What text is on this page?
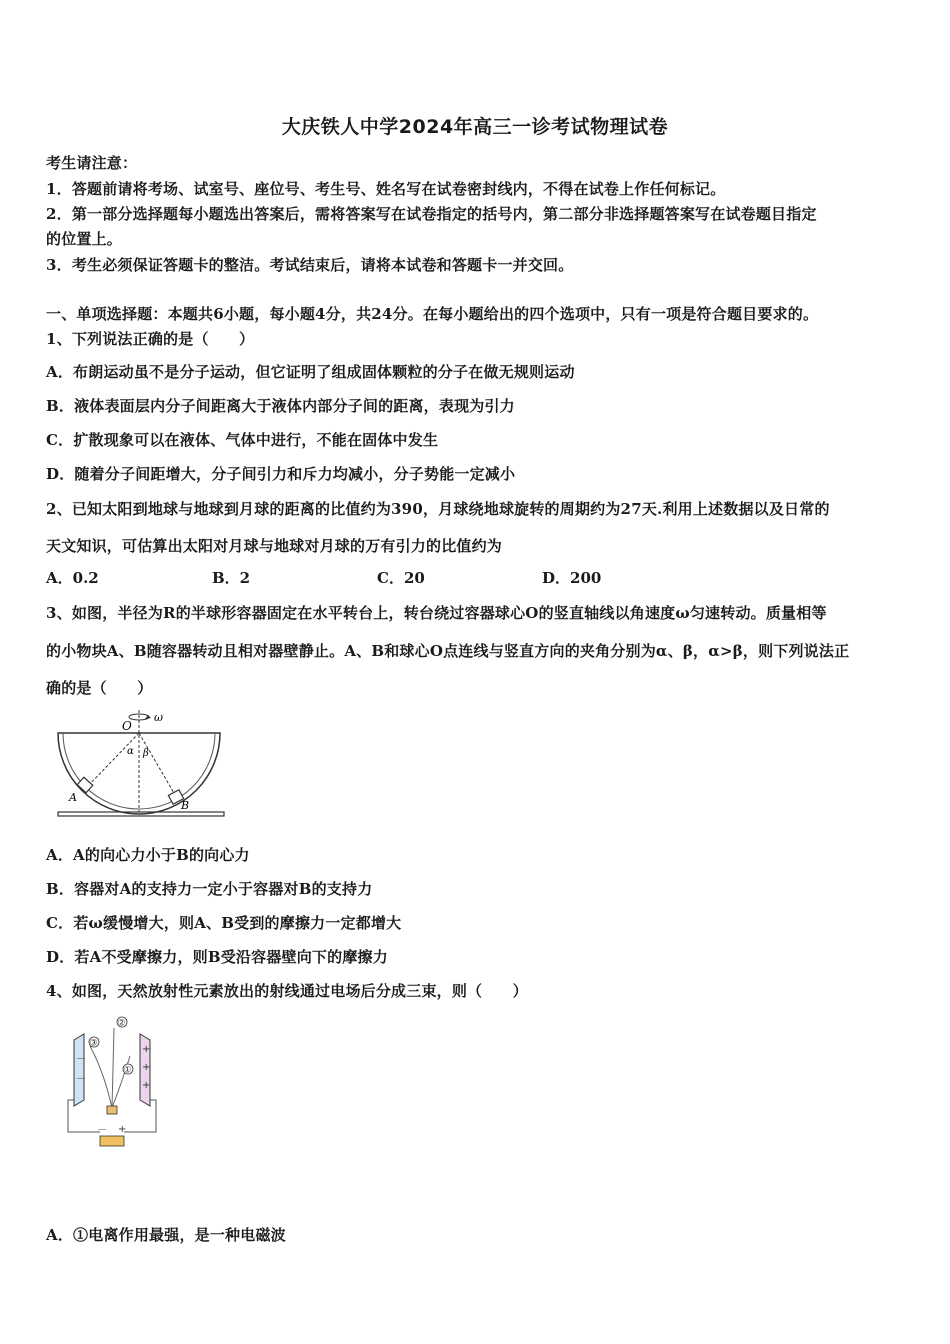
大庆铁人中学2024年高三一诊考试物理试卷
考生请注意：
1．答题前请将考场、试室号、座位号、考生号、姓名写在试卷密封线内，不得在试卷上作任何标记。
2．第一部分选择题每小题选出答案后，需将答案写在试卷指定的括号内，第二部分非选择题答案写在试卷题目指定
的位置上。
3．考生必须保证答题卡的整洁。考试结束后，请将本试卷和答题卡一并交回。
一、单项选择题：本题共6小题，每小题4分，共24分。在每小题给出的四个选项中，只有一项是符合题目要求的。
1、下列说法正确的是（　　）
A．布朗运动虽不是分子运动，但它证明了组成固体颗粒的分子在做无规则运动
B．液体表面层内分子间距离大于液体内部分子间的距离，表现为引力
C．扩散现象可以在液体、气体中进行，不能在固体中发生
D．随着分子间距增大，分子间引力和斥力均减小，分子势能一定减小
2、已知太阳到地球与地球到月球的距离的比值约为390，月球绕地球旋转的周期约为27天.利用上述数据以及日常的
天文知识，可估算出太阳对月球与地球对月球的万有引力的比值约为
A．0.2	B．2	C．20	D．200
3、如图，半径为R的半球形容器固定在水平转台上，转台绕过容器球心O的竖直轴线以角速度ω匀速转动。质量相等
的小物块A、B随容器转动且相对器壁静止。A、B和球心O点连线与竖直方向的夹角分别为α、β，α>β，则下列说法正
确的是（　　）
O
ω
α β
A
B
A．A的向心力小于B的向心力
B．容器对A的支持力一定小于容器对B的支持力
C．若ω缓慢增大，则A、B受到的摩擦力一定都增大
D．若A不受摩擦力，则B受沿容器壁向下的摩擦力
4、如图，天然放射性元素放出的射线通过电场后分成三束，则（　　）
－
－
+
+
+
③
②
①
－ +
A．①电离作用最强，是一种电磁波
